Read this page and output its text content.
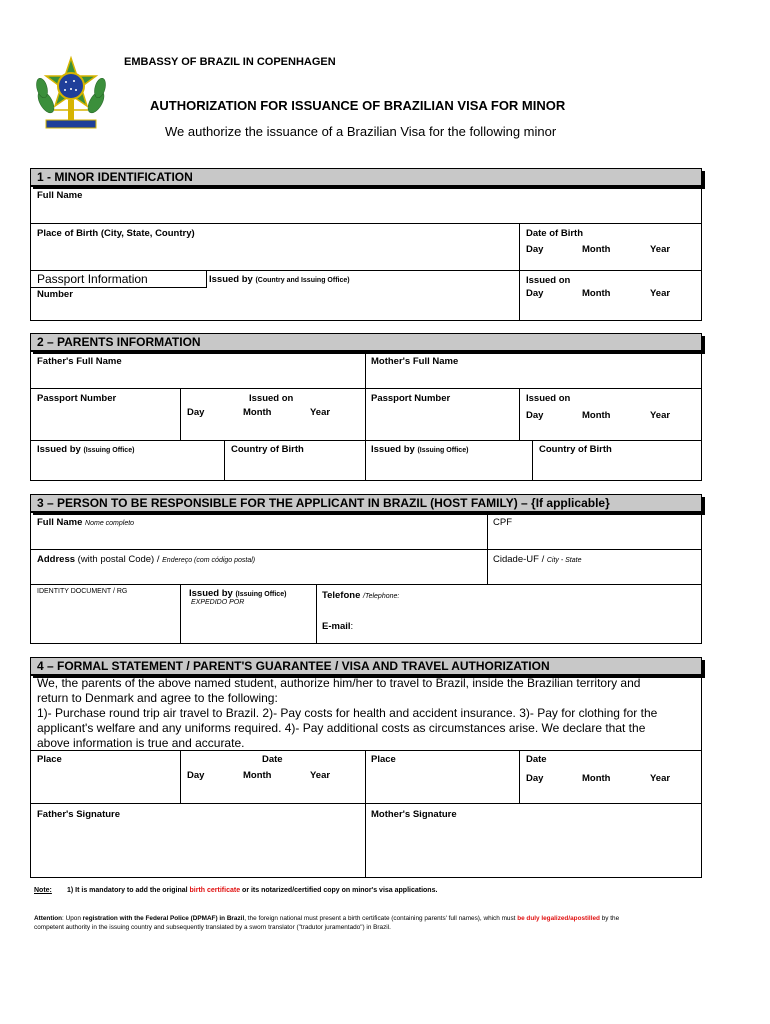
EMBASSY OF BRAZIL IN COPENHAGEN
AUTHORIZATION FOR ISSUANCE OF BRAZILIAN VISA FOR MINOR
We authorize the issuance of a Brazilian Visa for the following minor
1 - MINOR IDENTIFICATION
Full Name
Place of Birth (City, State, Country)	Date of Birth
Day	Month	Year
Passport Information
Number
Issued by (Country and Issuing Office)	Issued on
Day	Month	Year
2 – PARENTS INFORMATION
Father's Full Name	Mother's Full Name
Passport Number	Issued on
Day	Month	Year
Passport Number	Issued on
Day	Month	Year
Issued by (Issuing Office)	Country of Birth	Issued by (Issuing Office)	Country of Birth
3 – PERSON TO BE RESPONSIBLE FOR THE APPLICANT IN BRAZIL (HOST FAMILY) – {If applicable}
Full Name Nome completo	CPF
Address (with postal Code) / Endereço (com código postal)	Cidade-UF / City - State
IDENTITY DOCUMENT / RG	Issued by (Issuing Office)
EXPEDIDO POR
Telefone /Telephone:
E-mail:
4 – FORMAL STATEMENT / PARENT'S GUARANTEE / VISA AND TRAVEL AUTHORIZATION
We, the parents of the above named student, authorize him/her to travel to Brazil, inside the Brazilian territory and
return to Denmark and agree to the following:
1)- Purchase round trip air travel to Brazil. 2)- Pay costs for health and accident insurance. 3)- Pay for clothing for the
applicant's welfare and any uniforms required. 4)- Pay additional costs as circumstances arise. We declare that the
above information is true and accurate.
Place	Date
Day	Month	Year
Place	Date
Day	Month	Year
Father's Signature	Mother's Signature
Note: 1) It is mandatory to add the original birth certificate or its notarized/certified copy on minor's visa applications.
Attention: Upon registration with the Federal Police (DPMAF) in Brazil, the foreign national must present a birth certificate (containing parents' full names), which must be duly legalized/apostilled by the
competent authority in the issuing country and subsequently translated by a sworn translator ("tradutor juramentado") in Brazil.
